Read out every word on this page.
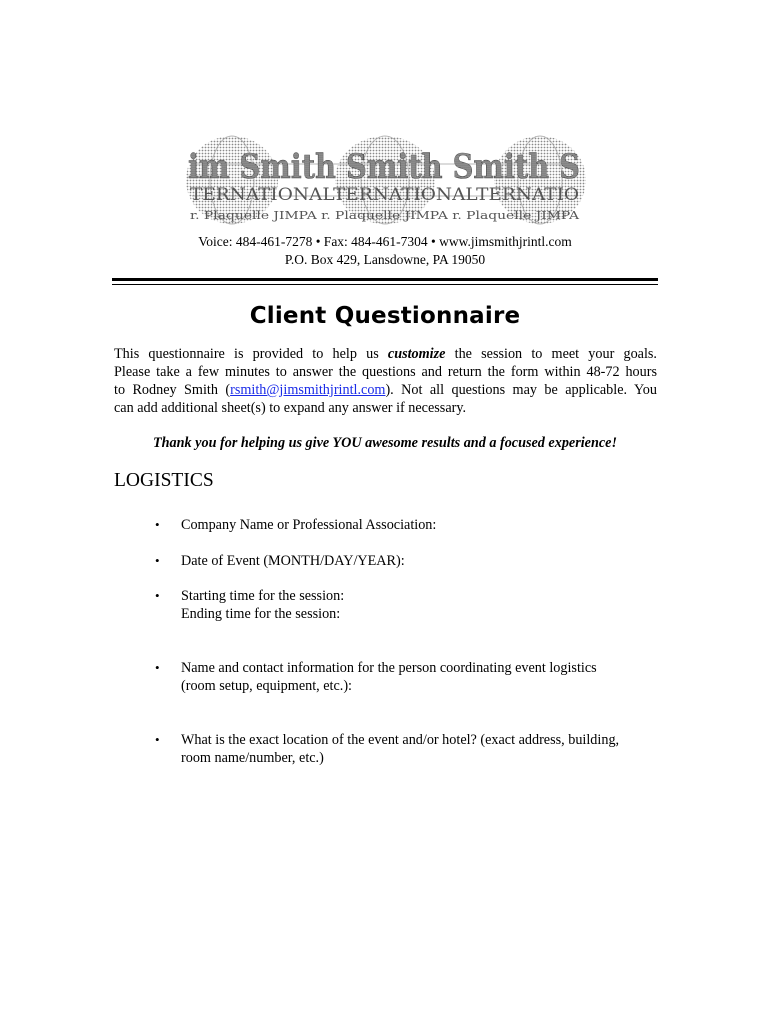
im Smith Smith Smith S
TERNATIONALTERNATIONALTERNATIO
r. Plaquelle JIMPA r. Plaquelle JIMPA r. Plaquelle JIMPA
Voice: 484-461-7278 • Fax: 484-461-7304 • www.jimsmithjrintl.com
P.O. Box 429, Lansdowne, PA 19050
Client Questionnaire
This questionnaire is provided to help us customize the session to meet your goals.
Please take a few minutes to answer the questions and return the form within 48-72 hours
to Rodney Smith (rsmith@jimsmithjrintl.com). Not all questions may be applicable. You
can add additional sheet(s) to expand any answer if necessary.
Thank you for helping us give YOU awesome results and a focused experience!
LOGISTICS
• Company Name or Professional Association:
• Date of Event (MONTH/DAY/YEAR):
• Starting time for the session:
Ending time for the session:
• Name and contact information for the person coordinating event logistics
(room setup, equipment, etc.):
• What is the exact location of the event and/or hotel? (exact address, building,
room name/number, etc.)
